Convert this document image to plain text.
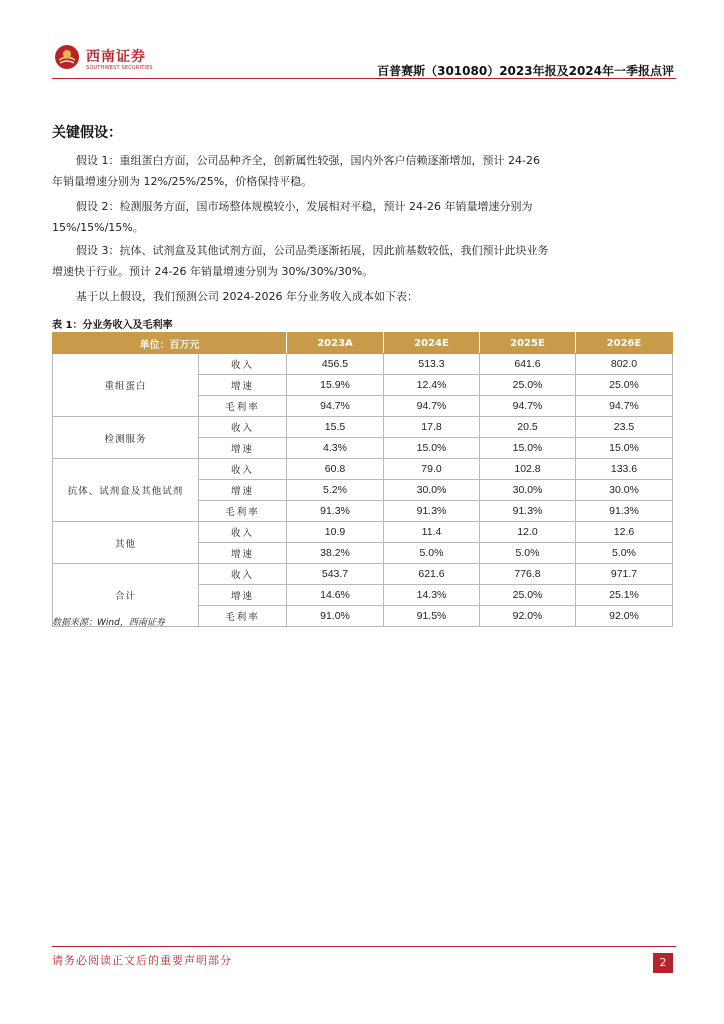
西南证券
SOUTHWEST SECURITIES	百普赛斯（301080）2023年报及2024年一季报点评
关键假设：

假设 1：重组蛋白方面，公司品种齐全，创新属性较强，国内外客户信赖逐渐增加，预计 24-26 年销量增速分别为 12%/25%/25%，价格保持平稳。

假设 2：检测服务方面，国市场整体规模较小，发展相对平稳，预计 24-26 年销量增速分别为 15%/15%/15%。

假设 3：抗体、试剂盒及其他试剂方面，公司品类逐渐拓展，因此前基数较低，我们预计此块业务增速快于行业。预计 24-26 年销量增速分别为 30%/30%/30%。

基于以上假设，我们预测公司 2024-2026 年分业务收入成本如下表：

表 1：分业务收入及毛利率
单位：百万元		2023A	2024E	2025E	2026E
重组蛋白	收入	456.5	513.3	641.6	802.0
	增速	15.9%	12.4%	25.0%	25.0%
	毛利率	94.7%	94.7%	94.7%	94.7%
检测服务	收入	15.5	17.8	20.5	23.5
	增速	4.3%	15.0%	15.0%	15.0%
抗体、试剂盒及其他试剂	收入	60.8	79.0	102.8	133.6
	增速	5.2%	30.0%	30.0%	30.0%
	毛利率	91.3%	91.3%	91.3%	91.3%
其他	收入	10.9	11.4	12.0	12.6
	增速	38.2%	5.0%	5.0%	5.0%
合计	收入	543.7	621.6	776.8	971.7
	增速	14.6%	14.3%	25.0%	25.1%
	毛利率	91.0%	91.5%	92.0%	92.0%
数据来源：Wind，西南证券
请务必阅读正文后的重要声明部分	2
